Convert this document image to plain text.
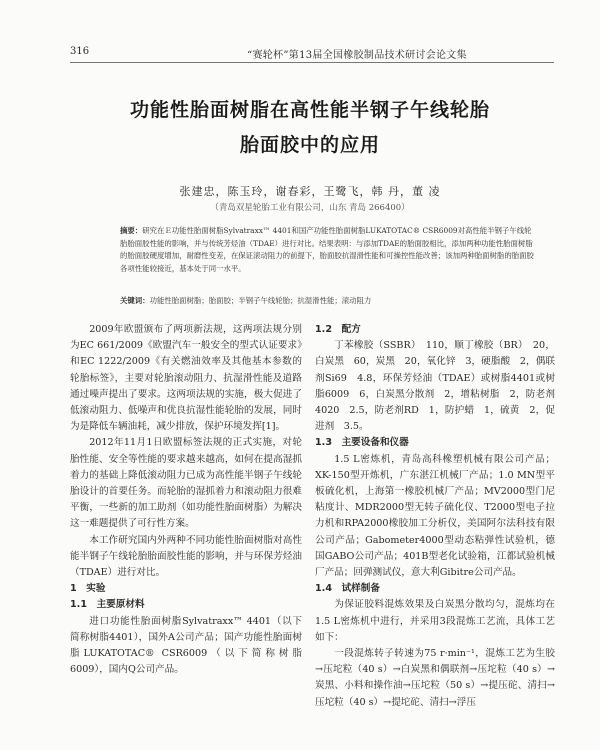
316	“赛轮杯”第13届全国橡胶制品技术研讨会论文集
功能性胎面树脂在高性能半钢子午线轮胎
胎面胶中的应用
张建忠，陈玉玲，谢春彩，王鹭飞，韩 丹，董 凌
（青岛双星轮胎工业有限公司，山东 青岛 266400）
摘要：研究在Ｅ功能性胎面树脂Sylvatraxx™ 4401和国产功能性胎面树脂LUKATOTAC® CSR6009对高性能半钢子午线轮胎胎面胶性能的影响，并与传统芳烃油（TDAE）进行对比。结果表明：与添加TDAE的胎面胶相比，添加两种功能性胎面树脂的胎面胶硬度增加，耐磨性变差，在保证滚动阻力的前提下，胎面胶抗湿滑性能和可操控性能改善；该加两种胎面树脂的胎面胶各项性能较接近，基本处于同一水平。
关键词：功能性胎面树脂；胎面胶；半钢子午线轮胎；抗湿滑性能；滚动阻力

2009年欧盟颁布了两项新法规，这两项法规分别为EC 661/2009《欧盟汽车一般安全的型式认证要求》和EC 1222/2009《有关燃油效率及其他基本参数的轮胎标签》，主要对轮胎滚动阻力、抗湿滑性能及道路通过噪声提出了要求。这两项法规的实施，极大促进了低滚动阻力、低噪声和优良抗湿性能轮胎的发展，同时为是降低车辆油耗，减少排放，保护环境发挥[1]。

2012年11月1日欧盟标签法规的正式实施，对轮胎性能、安全等性能的要求越来越高，如何在提高湿抓着力的基础上降低滚动阻力已成为高性能半钢子午线轮胎设计的首要任务。而轮胎的湿抓着力和滚动阻力很难平衡，一些新的加工助剂（如功能性胎面树脂）为解决这一难题提供了可行性方案。

本工作研究国内外两种不同功能性胎面树脂对高性能半钢子午线轮胎胎面胶性能的影响，并与环保芳烃油（TDAE）进行对比。

1　实验

1.1　主要原材料

进口功能性胎面树脂Sylvatraxx™ 4401（以下简称树脂4401），国外A公司产品；国产功能性胎面树脂LUKATOTAC® CSR6009（以下简称树脂6009），国内Q公司产品。

1.2　配方

丁苯橡胶（SSBR）　110，顺丁橡胶（BR）　20，白炭黑　60，炭黑　20，氧化锌　3，硬脂酸　2，偶联剂Si69　4.8，环保芳烃油（TDAE）或树脂4401或树脂6009　6，白炭黑分散剂　2，增粘树脂　2，防老剂4020　2.5，防老剂RD　1，防护蜡　1，硫黄　2，促进剂　3.5。

1.3　主要设备和仪器

1.5 L密炼机，青岛高科橡塑机械有限公司产品；XK-150型开炼机，广东湛江机械厂产品；1.0 MN型平板硫化机，上海第一橡胶机械厂产品；MV2000型门尼粘度计、MDR2000型无转子硫化仪、T2000型电子拉力机和RPA2000橡胶加工分析仪，美国阿尔法科技有限公司产品；Gabometer4000型动态粘弹性试验机，德国GABO公司产品；401B型老化试验箱，江都试验机械厂产品；回弹测试仪，意大利Gibitre公司产品。

1.4　试样制备

为保证胶料混炼效果及白炭黑分散均匀，混炼均在1.5 L密炼机中进行，并采用3段混炼工艺流，具体工艺如下：

一段混炼转子转速为75 r·min⁻¹，混炼工艺为生胶→压坨粒（40 s）→白炭黑和偶联剂→压坨粒（40 s）→炭黑、小料和操作油→压坨粒（50 s）→提压砣、清扫→压坨粒（40 s）→提坨砣、清扫→浮压
